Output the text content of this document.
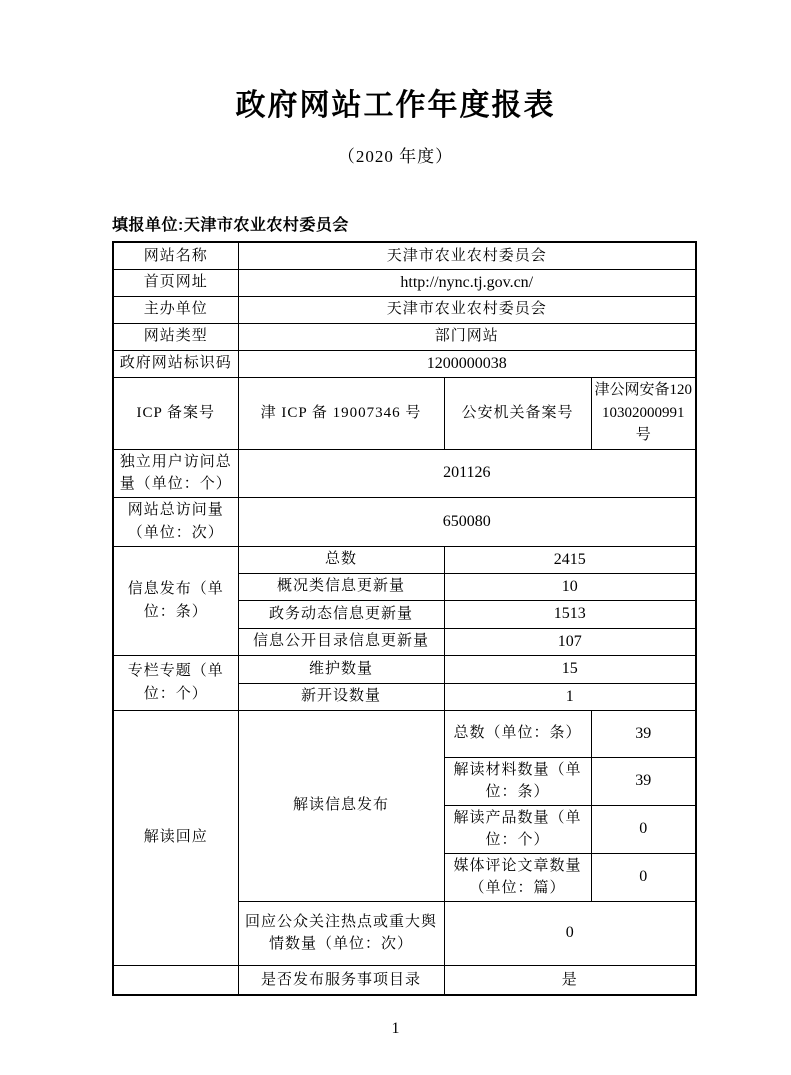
政府网站工作年度报表
（2020 年度）
填报单位:天津市农业农村委员会
网站名称	天津市农业农村委员会		
首页网址	http://nync.tj.gov.cn/		
主办单位	天津市农业农村委员会		
网站类型	部门网站		
政府网站标识码	1200000038		
ICP 备案号	津 ICP 备 19007346 号	公安机关备案号	津公网安备12010302000991 号
独立用户访问总量（单位：个）	201126		
网站总访问量（单位：次）	650080		
信息发布（单位：条）	总数	2415	
	概况类信息更新量	10	
	政务动态信息更新量	1513	
	信息公开目录信息更新量	107	
专栏专题（单位：个）	维护数量	15	
	新开设数量	1	
解读回应	解读信息发布	总数（单位：条）	39
		解读材料数量（单位：条）	39
		解读产品数量（单位：个）	0
		媒体评论文章数量（单位：篇）	0
	回应公众关注热点或重大舆情数量（单位：次）	0	
	是否发布服务事项目录	是	
1
